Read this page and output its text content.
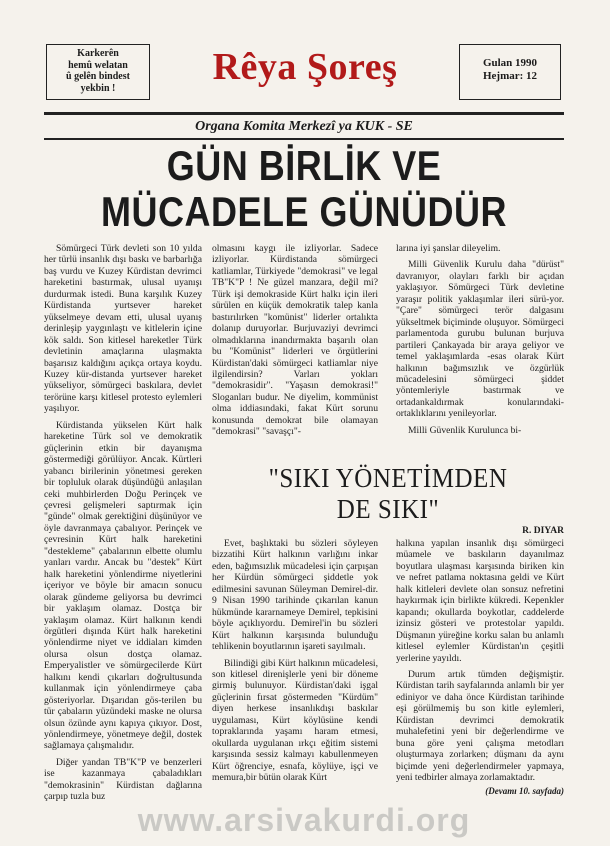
Karkerên
hemû welatan
û gelên bindest
yekbin !	Rêya Şoreş	Gulan 1990
Hejmar: 12
Organa Komita Merkezî ya KUK - SE
GÜN BİRLİK VE
MÜCADELE GÜNÜDÜR

Sömürgeci Türk devleti son 10 yılda her türlü insanlık dışı baskı ve barbarlığa baş vurdu ve Kuzey Kürdistan devrimci hareketini bastırmak, ulusal uyanışı durdurmak istedi. Buna karşılık Kuzey Kürdistanda yurtsever hareket yükselmeye devam etti, ulusal uyanış derinleşip yaygınlaştı ve kitlelerin içine kök saldı. Son kitlesel hareketler Türk devletinin amaçlarına ulaşmakta başarısız kaldığını açıkça ortaya koydu. Kuzey kür-distanda yurtsever hareket yükseliyor, sömürgeci baskılara, devlet terörüne karşı kitlesel protesto eylemleri yaşılıyor.

Kürdistanda yükselen Kürt halk hareketine Türk sol ve demokratik güçlerinin etkin bir dayanışma göstermediği görülüyor. Ancak. Kürtleri yabancı birilerinin yönetmesi gereken bir topluluk olarak düşündüğü anlaşılan ceki muhbirlerden Doğu Perinçek ve çevresi gelişmeleri saptırmak için "günde" olmak gerektiğini düşünüyor ve öyle davranmaya çabalıyor. Perinçek ve çevresinin Kürt halk hareketini "destekleme" çabalarının elbette olumlu yanları vardır. Ancak bu "destek" Kürt halk hareketini yönlendirme niyetlerini içeriyor ve böyle bir amacın sonucu olarak gündeme geliyorsa bu devrimci bir yaklaşım olamaz. Dostça bir yaklaşım olamaz. Kürt halkının kendi örgütleri dışında Kürt halk hareketini yönlendirme niyet ve iddiaları kimden olursa olsun dostça olamaz. Emperyalistler ve sömürgecilerde Kürt halkını kendi çıkarları doğrultusunda kullanmak için yönlendirmeye çaba gösteriyorlar. Dışarıdan gös-terilen bu tür çabaların yüzündeki maske ne olursa olsun özünde aynı kapıya çıkıyor. Dost, yönlendirmeye, yönetmeye değil, dostek sağlamaya çalışmalıdır.

Diğer yandan TB"K"P ve benzerleri ise kazanmaya çabaladıkları "demokrasinin" Kürdistan dağlarına çarpıp tuzla buz

olmasını kaygı ile izliyorlar. Sadece izliyorlar. Kürdistanda sömürgeci katliamlar, Türkiyede "demokrasi" ve legal TB"K"P ! Ne güzel manzara, değil mi? Türk işi demokraside Kürt halkı için ileri sürülen en küçük demokratik talep kanla bastırılırken "komünist" liderler ortalıkta dolanıp duruyorlar. Burjuvaziyi devrimci olmadıklarına inandırmakta başarılı olan bu "Komünist" liderleri ve örgütlerini Kürdistan'daki sömürgeci katliamlar niye ilgilendirsin? Varları yokları "demokrasidir". "Yaşasın demokrasi!" Sloganları budur. Ne diyelim, kommünist olma iddiasındaki, fakat Kürt sorunu konusunda demokrat bile olamayan "demokrasi" "savaşçı"-

larına iyi şanslar dileyelim.

Milli Güvenlik Kurulu daha "dürüst" davranıyor, olayları farklı bir açıdan yaklaşıyor. Sömürgeci Türk devletine yaraşır politik yaklaşımlar ileri sürü-yor. "Çare" sömürgeci terör dalgasını yükseltmek biçiminde oluşuyor. Sömürgeci parlamentoda gurubu bulunan burjuva partileri Çankayada bir araya geliyor ve temel yaklaşımlarda -esas olarak Kürt halkının bağımsızlık ve özgürlük mücadelesini sömürgeci şiddet yöntemleriyle bastırmak ve ortadankaldırmak konularındaki- ortaklıklarını yenileyorlar.

Milli Güvenlik Kurulunca bi-

"SIKI YÖNETİMDEN
DE SIKI"
R. DIYAR

Evet, başlıktaki bu sözleri söyleyen bizzatihi Kürt halkının varlığını inkar eden, bağımsızlık mücadelesi için çarpışan her Kürdün sömürgeci şiddetle yok edilmesini savunan Süleyman Demirel-dir. 9 Nisan 1990 tarihinde çıkarılan kanun hükmünde kararnameye Demirel, tepkisini böyle açıklıyordu. Demirel'in bu sözleri Kürt halkının karşısında bulunduğu tehlikenin boyutlarının işareti sayılmalı.

Bilindiği gibi Kürt halkının mücadelesi, son kitlesel direnişlerle yeni bir döneme girmiş bulunuyor. Kürdistan'daki işgal güçlerinin fırsat göstermeden "Kürdüm" diyen herkese insanlıkdışı baskılar uygulaması, Kürt köylüsüne kendi topraklarında yaşamı haram etmesi, okullarda uygulanan ırkçı eğitim sistemi karşısında sessiz kalmayı kabullenmeyen Kürt öğrenciye, esnafa, köylüye, işçi ve memura,bir bütün olarak Kürt

halkına yapılan insanlık dışı sömürgeci müamele ve baskıların dayanılmaz boyutlara ulaşması karşısında biriken kin ve nefret patlama noktasına geldi ve Kürt halk kitleleri devlete olan sonsuz nefretini haykırmak için birlikte kükredi. Kepenkler kapandı; okullarda boykotlar, caddelerde izinsiz gösteri ve protestolar yapıldı. Düşmanın yüreğine korku salan bu anlamlı kitlesel eylemler Kürdistan'ın çeşitli yerlerine yayıldı.

Durum artık tümden değişmiştir. Kürdistan tarih sayfalarında anlamlı bir yer ediniyor ve daha önce Kürdistan tarihinde eşi görülmemiş bu son kitle eylemleri, Kürdistan devrimci demokratik muhalefetini yeni bir değerlendirme ve buna göre yeni çalışma metodları oluşturmaya zorlarken; düşmanı da aynı biçimde yeni değerlendirmeler yapmaya, yeni tedbirler almaya zorlamaktadır.

(Devamı 10. sayfada)
www.arsivakurdi.org
